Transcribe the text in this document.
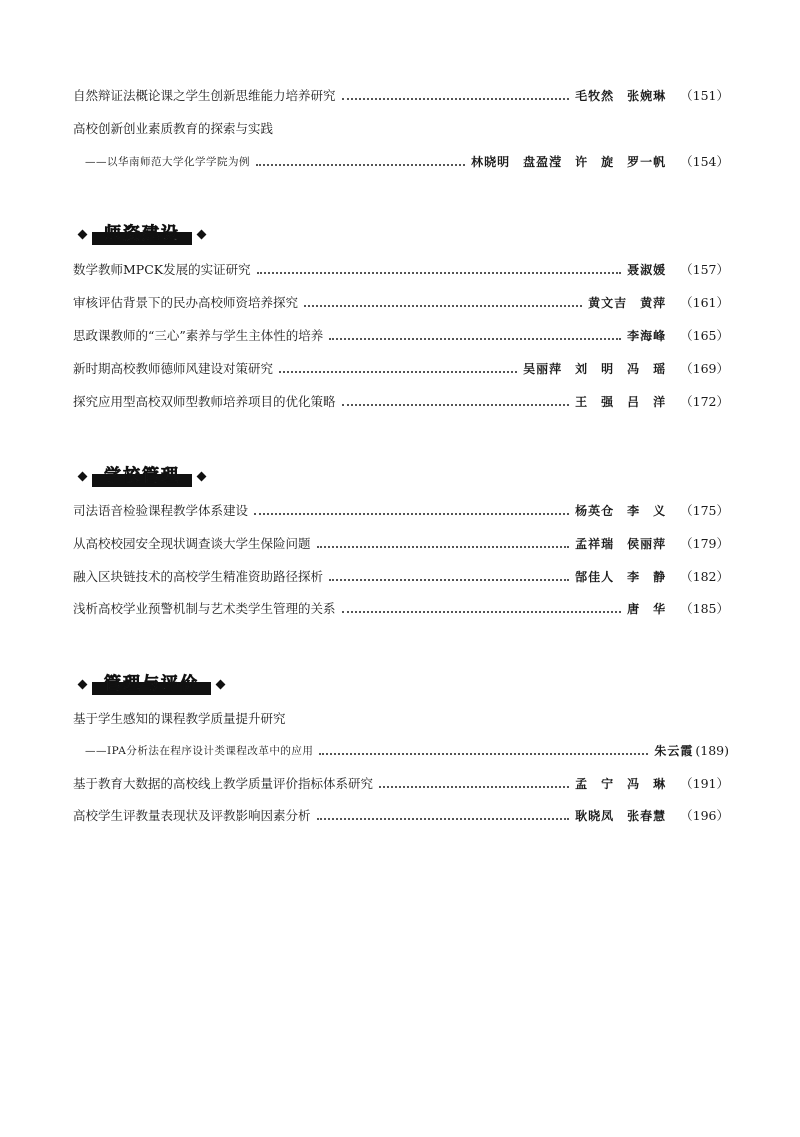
自然辩证法概论课之学生创新思维能力培养研究	毛牧然　张婉琳 （151）
高校创新创业素质教育的探索与实践
——以华南师范大学化学学院为例	林晓明　盘盈滢　许　旋　罗一帆 （154）
师资建设
数学教师MPCK发展的实证研究	聂淑媛 （157）
审核评估背景下的民办高校师资培养探究	黄文吉　黄萍 （161）
思政课教师的“三心”素养与学生主体性的培养	李海峰 （165）
新时期高校教师德师风建设对策研究	吴丽萍　刘　明　冯　瑶 （169）
探究应用型高校双师型教师培养项目的优化策略	王　强　吕　洋 （172）
学校管理
司法语音检验课程教学体系建设	杨英仓　李　义 （175）
从高校校园安全现状调查谈大学生保险问题	孟祥瑞　侯丽萍 （179）
融入区块链技术的高校学生精准资助路径探析	郜佳人　李　静 （182）
浅析高校学业预警机制与艺术类学生管理的关系	唐　华 （185）
管理与评价
基于学生感知的课程教学质量提升研究
——IPA分析法在程序设计类课程改革中的应用	朱云霞 (189)
基于教育大数据的高校线上教学质量评价指标体系研究	孟　宁　冯　琳 （191）
高校学生评教量表现状及评教影响因素分析	耿晓凤　张春慧 （196）
